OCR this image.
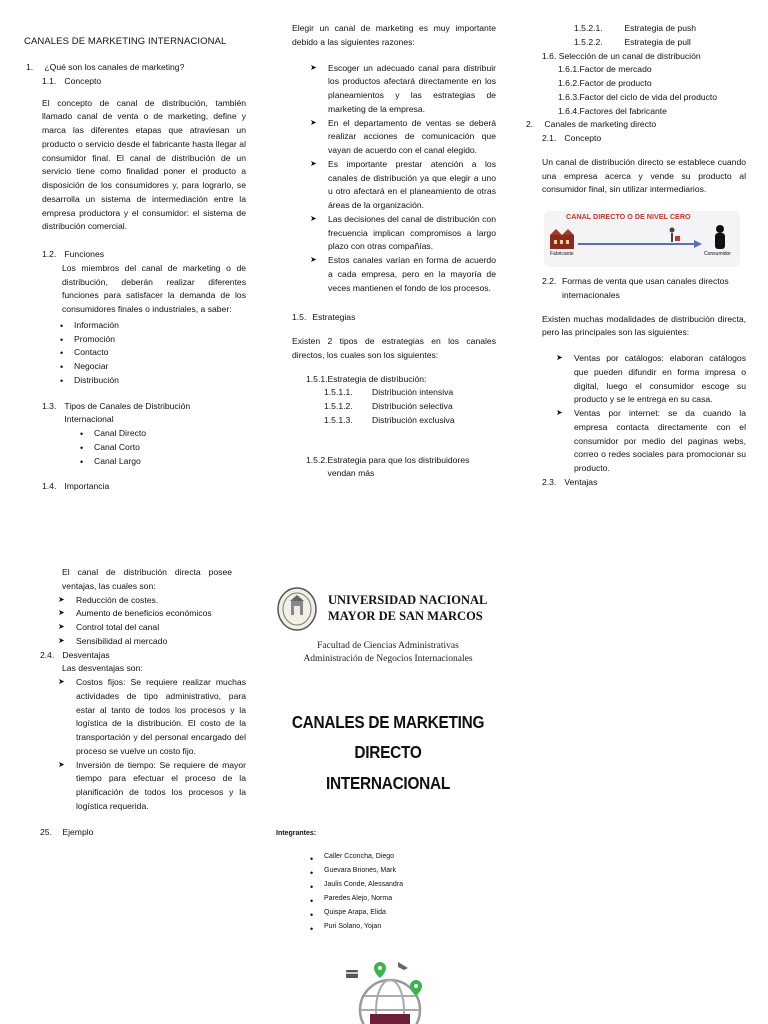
CANALES DE MARKETING INTERNACIONAL
1. ¿Qué son los canales de marketing?
1.1. Concepto

El concepto de canal de distribución, también llamado canal de venta o de marketing, define y marca las diferentes etapas que atraviesan un producto o servicio desde el fabricante hasta llegar al consumidor final. El canal de distribución de un servicio tiene como finalidad poner el producto a disposición de los consumidores y, para lograrlo, se desarrolla un sistema de intermediación entre la empresa productora y el consumidor: el sistema de distribución comercial.

1.2. Funciones

Los miembros del canal de marketing o de distribución, deberán realizar diferentes funciones para satisfacer la demanda de los consumidores finales o industriales, a saber:

• Información
• Promoción
• Contacto
• Negociar
• Distribución
1.3. Tipos de Canales de Distribución Internacional
• Canal Directo
• Canal Corto
• Canal Largo
1.4. Importancia

Elegir un canal de marketing es muy importante debido a las siguientes razones:

➤ Escoger un adecuado canal para distribuir los productos afectará directamente en los planeamientos y las estrategias de marketing de la empresa.
➤ En el departamento de ventas se deberá realizar acciones de comunicación que vayan de acuerdo con el canal elegido.
➤ Es importante prestar atención a los canales de distribución ya que elegir a uno u otro afectará en el planeamiento de otras áreas de la organización.
➤ Las decisiones del canal de distribución con frecuencia implican compromisos a largo plazo con otras compañías.
➤ Estos canales varían en forma de acuerdo a cada empresa, pero en la mayoría de veces mantienen el fondo de los procesos.
1.5. Estrategias

Existen 2 tipos de estrategias en los canales directos, los cuales son los siguientes:

1.5.1.Estrategia de distribución:
1.5.1.1. Distribución intensiva
1.5.1.2. Distribución selectiva
1.5.1.3. Distribución exclusiva
1.5.2. Estrategia para que los distribuidores vendan más
1.5.2.1.	Estrategia de push
1.5.2.2.	Estrategia de pull
1.6. Selección de un canal de distribución
1.6.1.Factor de mercado
1.6.2.Factor de producto
1.6.3.Factor del ciclo de vida del producto
1.6.4.Factores del fabricante
2. Canales de marketing directo
2.1. Concepto

Un canal de distribución directo se establece cuando una empresa acerca y vende su producto al consumidor final, sin utilizar intermediarios.

CANAL DIRECTO O DE NIVEL CERO
Fabricante	Consumidor
2.2. Formas de venta que usan canales directos internacionales

Existen muchas modalidades de distribución directa, pero las principales son las siguientes:

➤ Ventas por catálogos: elaboran catálogos que pueden difundir en forma impresa o digital, luego el consumidor escoge su producto y se le entrega en su casa.
➤ Ventas por internet: se da cuando la empresa contacta directamente con el consumidor por medio del paginas webs, correo o redes sociales para promocionar su producto.
2.3. Ventajas

El canal de distribución directa posee ventajas, las cuales son:

➤ Reducción de costes.
➤ Aumento de beneficios económicos
➤ Control total del canal
➤ Sensibilidad al mercado
2.4. Desventajas
Las desventajas son:
➤ Costos fijos: Se requiere realizar muchas actividades de tipo administrativo, para estar al tanto de todos los procesos y la logística de la distribución. El costo de la transportación y del personal encargado del proceso se vuelve un costo fijo.
➤ Inversión de tiempo: Se requiere de mayor tiempo para efectuar el proceso de la planificación de todos los procesos y la logística requerida.
25. Ejemplo
UNIVERSIDAD NACIONAL
MAYOR DE SAN MARCOS
Facultad de Ciencias Administrativas
Administración de Negocios Internacionales
CANALES DE MARKETING
DIRECTO
INTERNACIONAL
Integrantes:
• Caller Cconcha, Diego
• Guevara Briones, Mark
• Jaulis Conde, Alessandra
• Paredes Alejo, Norma
• Quispe Arapa, Elida
• Puri Solano, Yojan
